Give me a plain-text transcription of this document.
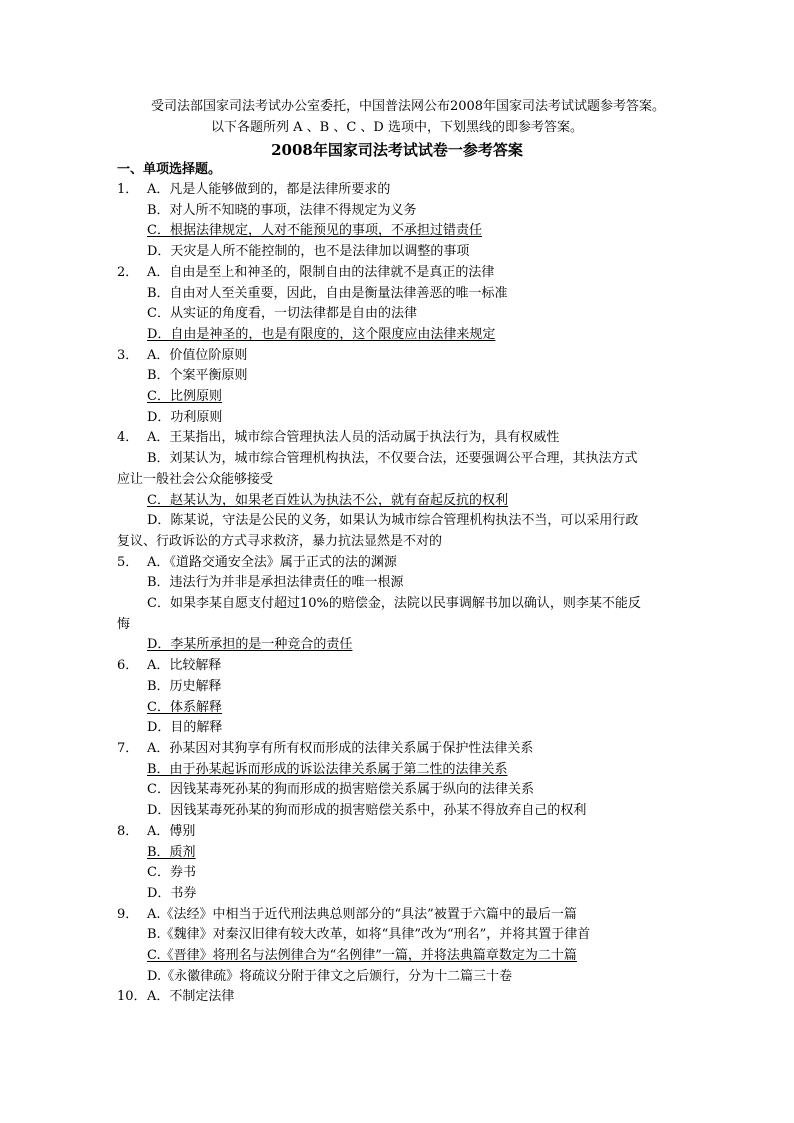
受司法部国家司法考试办公室委托，中国普法网公布2008年国家司法考试试题参考答案。
以下各题所列 A 、B 、C 、D 选项中，下划黑线的即参考答案。
2008年国家司法考试试卷一参考答案
一、单项选择题。
1． A．凡是人能够做到的，都是法律所要求的
B．对人所不知晓的事项，法律不得规定为义务
C．根据法律规定，人对不能预见的事项，不承担过错责任
D．天灾是人所不能控制的，也不是法律加以调整的事项
2． A．自由是至上和神圣的，限制自由的法律就不是真正的法律
B．自由对人至关重要，因此，自由是衡量法律善恶的唯一标准
C．从实证的角度看，一切法律都是自由的法律
D．自由是神圣的，也是有限度的，这个限度应由法律来规定
3． A．价值位阶原则
B．个案平衡原则
C．比例原则
D．功利原则
4． A．王某指出，城市综合管理执法人员的活动属于执法行为，具有权威性
B．刘某认为，城市综合管理机构执法，不仅要合法，还要强调公平合理，其执法方式
应让一般社会公众能够接受
C．赵某认为，如果老百姓认为执法不公，就有奋起反抗的权利
D．陈某说，守法是公民的义务，如果认为城市综合管理机构执法不当，可以采用行政
复议、行政诉讼的方式寻求救济，暴力抗法显然是不对的
5． A．《道路交通安全法》属于正式的法的渊源
B．违法行为并非是承担法律责任的唯一根源
C．如果李某自愿支付超过10%的赔偿金，法院以民事调解书加以确认，则李某不能反
悔
D．李某所承担的是一种竞合的责任
6． A．比较解释
B．历史解释
C．体系解释
D．目的解释
7． A．孙某因对其狗享有所有权而形成的法律关系属于保护性法律关系
B．由于孙某起诉而形成的诉讼法律关系属于第二性的法律关系
C．因钱某毒死孙某的狗而形成的损害赔偿关系属于纵向的法律关系
D．因钱某毒死孙某的狗而形成的损害赔偿关系中，孙某不得放弃自己的权利
8． A．傅别
B．质剂
C．券书
D．书券
9． A.《法经》中相当于近代刑法典总则部分的“具法”被置于六篇中的最后一篇
B.《魏律》对秦汉旧律有较大改革，如将“具律”改为“刑名”，并将其置于律首
C.《晋律》将刑名与法例律合为“名例律”一篇，并将法典篇章数定为二十篇
D.《永徽律疏》将疏议分附于律文之后颁行，分为十二篇三十卷
10．A．不制定法律
